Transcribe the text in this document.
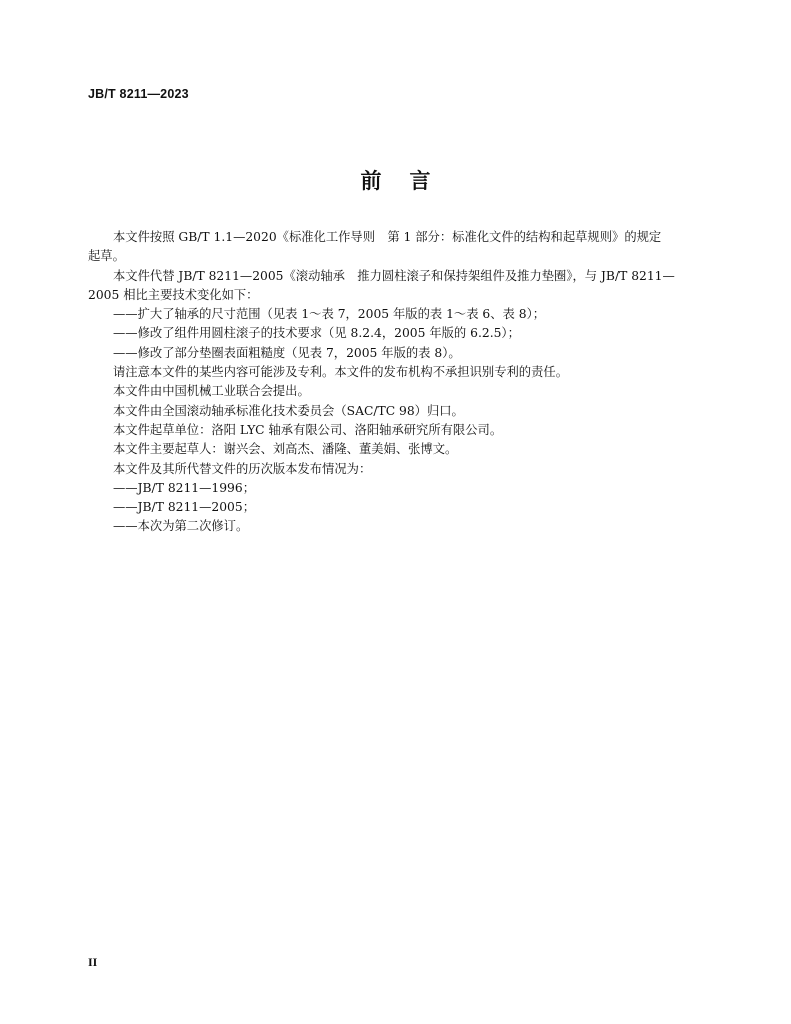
JB/T 8211—2023
前 言

本文件按照 GB/T 1.1—2020《标准化工作导则　第 1 部分：标准化文件的结构和起草规则》的规定

起草。

本文件代替 JB/T 8211—2005《滚动轴承　推力圆柱滚子和保持架组件及推力垫圈》，与 JB/T 8211—

2005 相比主要技术变化如下：

——扩大了轴承的尺寸范围（见表 1～表 7，2005 年版的表 1～表 6、表 8）；

——修改了组件用圆柱滚子的技术要求（见 8.2.4，2005 年版的 6.2.5）；

——修改了部分垫圈表面粗糙度（见表 7，2005 年版的表 8）。

请注意本文件的某些内容可能涉及专利。本文件的发布机构不承担识别专利的责任。

本文件由中国机械工业联合会提出。

本文件由全国滚动轴承标准化技术委员会（SAC/TC 98）归口。

本文件起草单位：洛阳 LYC 轴承有限公司、洛阳轴承研究所有限公司。

本文件主要起草人：谢兴会、刘高杰、潘隆、董美娟、张博文。

本文件及其所代替文件的历次版本发布情况为：

——JB/T 8211—1996；

——JB/T 8211—2005；

——本次为第二次修订。

II
